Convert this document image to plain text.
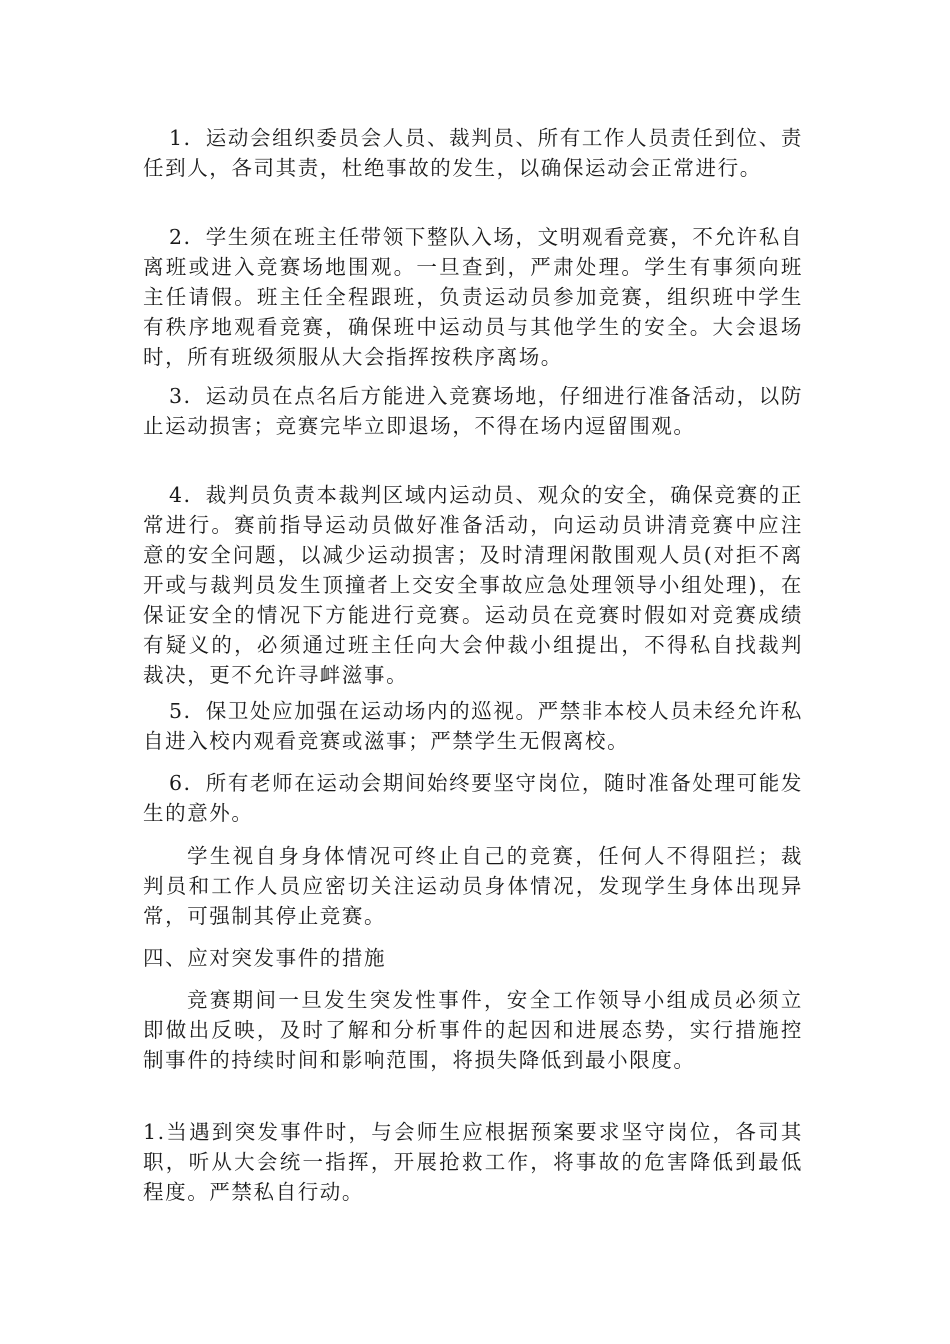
1．运动会组织委员会人员、裁判员、所有工作人员责任到位、责任到人，各司其责，杜绝事故的发生，以确保运动会正常进行。

2．学生须在班主任带领下整队入场，文明观看竞赛，不允许私自离班或进入竞赛场地围观。一旦查到，严肃处理。学生有事须向班主任请假。班主任全程跟班，负责运动员参加竞赛，组织班中学生有秩序地观看竞赛，确保班中运动员与其他学生的安全。大会退场时，所有班级须服从大会指挥按秩序离场。

3．运动员在点名后方能进入竞赛场地，仔细进行准备活动，以防止运动损害；竞赛完毕立即退场，不得在场内逗留围观。

4．裁判员负责本裁判区域内运动员、观众的安全，确保竞赛的正常进行。赛前指导运动员做好准备活动，向运动员讲清竞赛中应注意的安全问题，以减少运动损害；及时清理闲散围观人员(对拒不离开或与裁判员发生顶撞者上交安全事故应急处理领导小组处理)，在保证安全的情况下方能进行竞赛。运动员在竞赛时假如对竞赛成绩有疑义的，必须通过班主任向大会仲裁小组提出，不得私自找裁判裁决，更不允许寻衅滋事。

5．保卫处应加强在运动场内的巡视。严禁非本校人员未经允许私自进入校内观看竞赛或滋事；严禁学生无假离校。

6．所有老师在运动会期间始终要坚守岗位，随时准备处理可能发生的意外。

学生视自身身体情况可终止自己的竞赛，任何人不得阻拦；裁判员和工作人员应密切关注运动员身体情况，发现学生身体出现异常，可强制其停止竞赛。

四、应对突发事件的措施

竞赛期间一旦发生突发性事件，安全工作领导小组成员必须立即做出反映，及时了解和分析事件的起因和进展态势，实行措施控制事件的持续时间和影响范围，将损失降低到最小限度。

1.当遇到突发事件时，与会师生应根据预案要求坚守岗位，各司其职，听从大会统一指挥，开展抢救工作，将事故的危害降低到最低程度。严禁私自行动。
